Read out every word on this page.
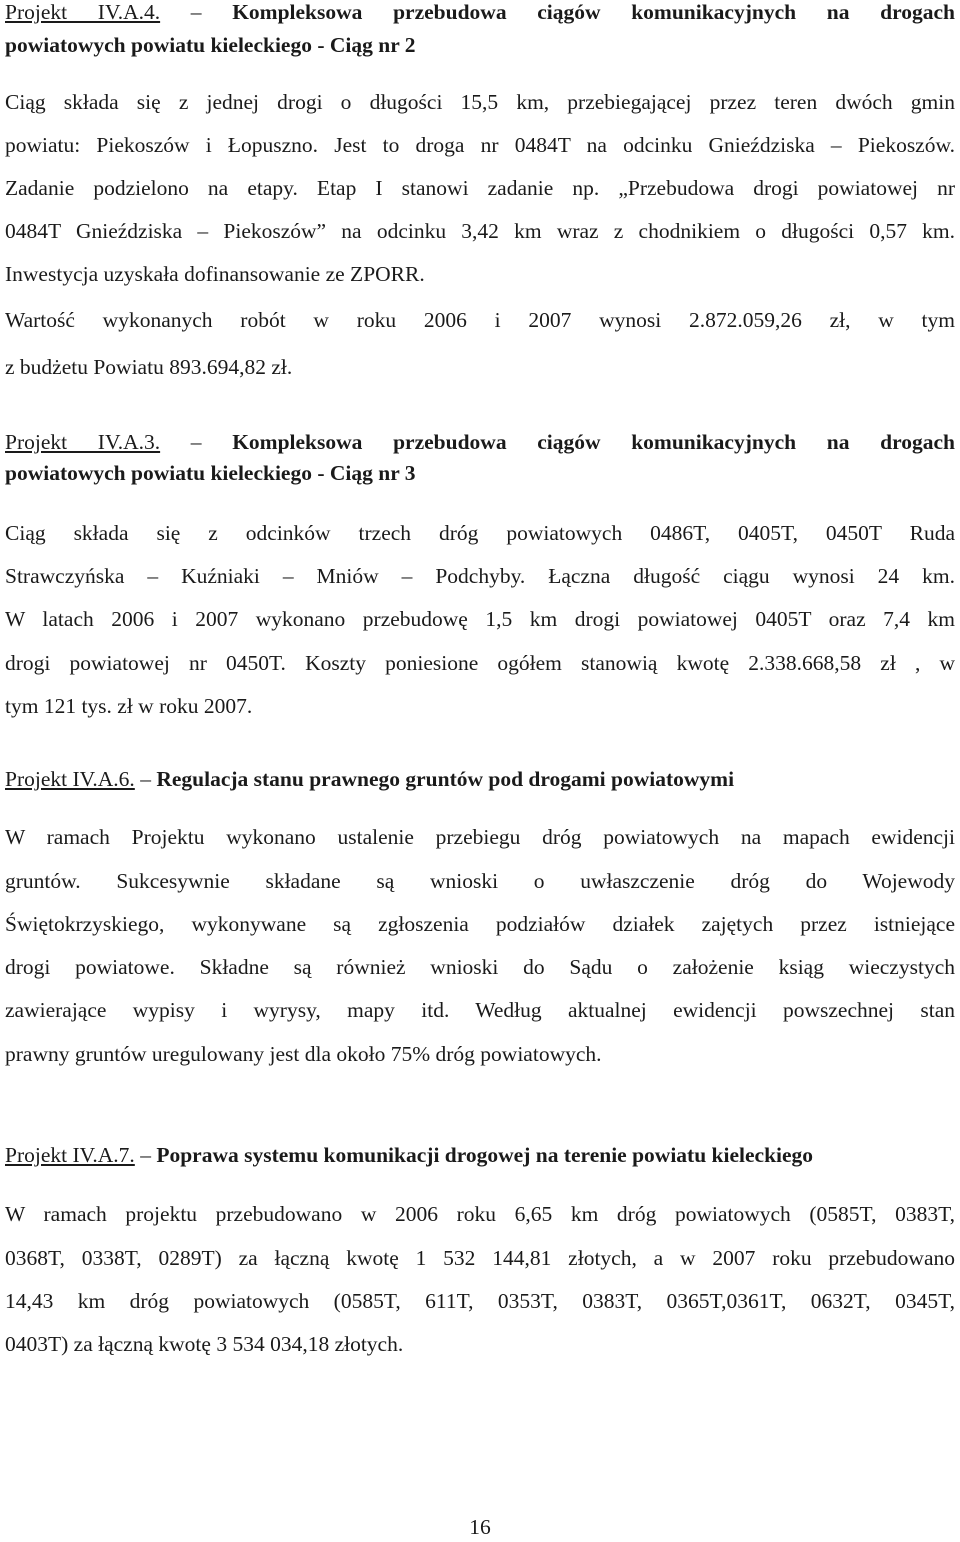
Projekt IV.A.4. – Kompleksowa przebudowa ciągów komunikacyjnych na drogach
powiatowych powiatu kieleckiego - Ciąg nr 2
Ciąg składa się z jednej drogi o długości 15,5 km, przebiegającej przez teren dwóch gmin
powiatu: Piekoszów i Łopuszno. Jest to droga nr 0484T na odcinku Gnieździska – Piekoszów.
Zadanie podzielono na etapy. Etap I stanowi zadanie np. „Przebudowa drogi powiatowej nr
0484T Gnieździska – Piekoszów” na odcinku 3,42 km wraz z chodnikiem o długości 0,57 km.
Inwestycja uzyskała dofinansowanie ze ZPORR.
Wartość wykonanych robót w roku 2006 i 2007 wynosi 2.872.059,26 zł, w tym
z budżetu Powiatu 893.694,82 zł.
Projekt IV.A.3. – Kompleksowa przebudowa ciągów komunikacyjnych na drogach
powiatowych powiatu kieleckiego - Ciąg nr 3
Ciąg składa się z odcinków trzech dróg powiatowych 0486T, 0405T, 0450T Ruda
Strawczyńska – Kuźniaki – Mniów – Podchyby. Łączna długość ciągu wynosi 24 km.
W latach 2006 i 2007 wykonano przebudowę 1,5 km drogi powiatowej 0405T oraz 7,4 km
drogi powiatowej nr 0450T. Koszty poniesione ogółem stanowią kwotę 2.338.668,58 zł , w
tym 121 tys. zł w roku 2007.
Projekt IV.A.6. – Regulacja stanu prawnego gruntów pod drogami powiatowymi
W ramach Projektu wykonano ustalenie przebiegu dróg powiatowych na mapach ewidencji
gruntów. Sukcesywnie składane są wnioski o uwłaszczenie dróg do Wojewody
Świętokrzyskiego, wykonywane są zgłoszenia podziałów działek zajętych przez istniejące
drogi powiatowe. Składne są również wnioski do Sądu o założenie ksiąg wieczystych
zawierające wypisy i wyrysy, mapy itd. Według aktualnej ewidencji powszechnej stan
prawny gruntów uregulowany jest dla około 75% dróg powiatowych.
Projekt IV.A.7. – Poprawa systemu komunikacji drogowej na terenie powiatu kieleckiego
W ramach projektu przebudowano w 2006 roku 6,65 km dróg powiatowych (0585T, 0383T,
0368T, 0338T, 0289T) za łączną kwotę 1 532 144,81 złotych, a w 2007 roku przebudowano
14,43 km dróg powiatowych (0585T, 611T, 0353T, 0383T, 0365T,0361T, 0632T, 0345T,
0403T) za łączną kwotę 3 534 034,18 złotych.
16
